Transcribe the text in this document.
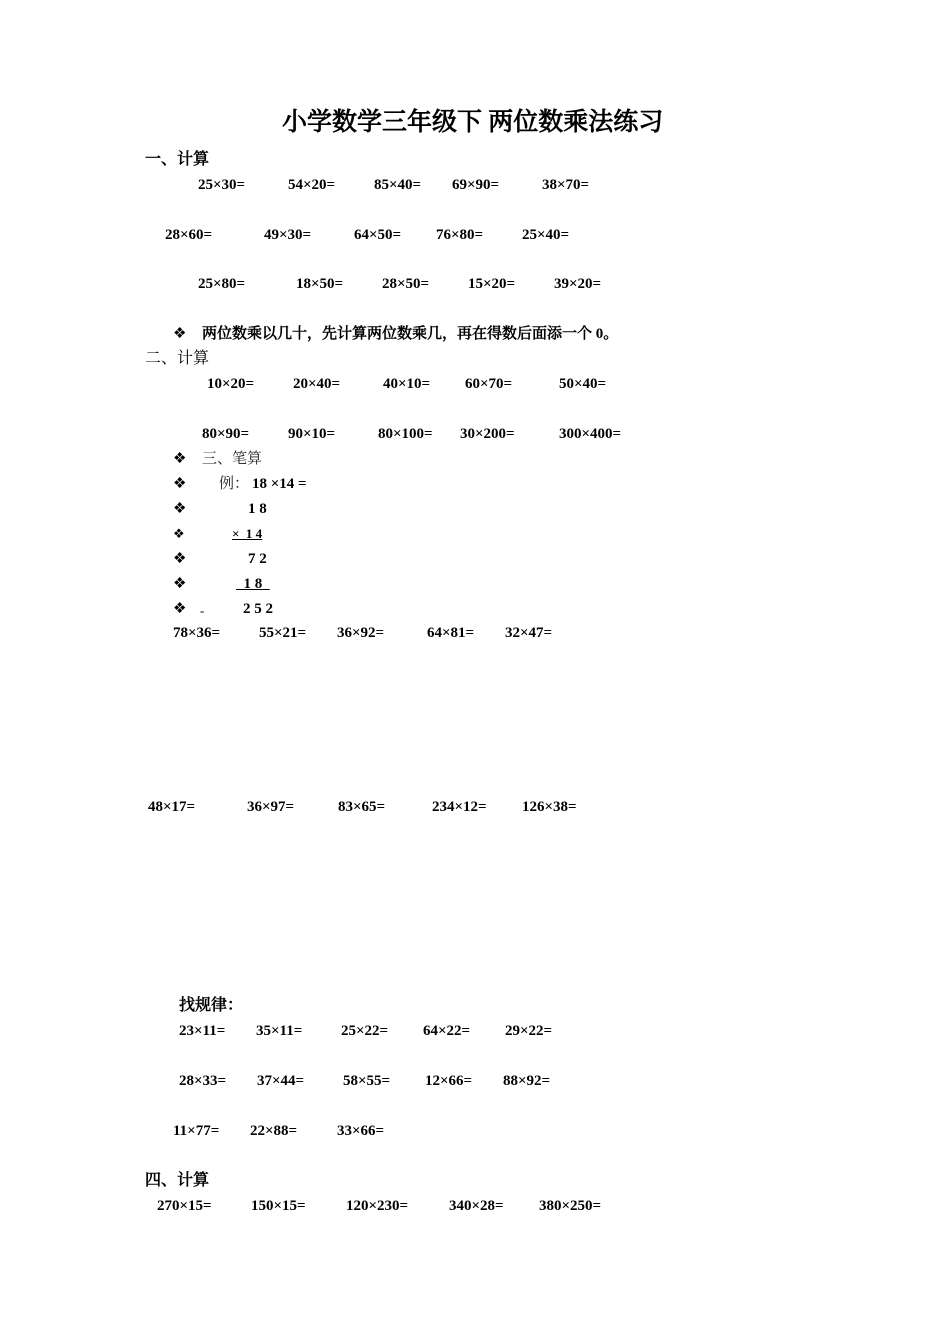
小学数学三年级下 两位数乘法练习
一、计算
25×30=	54×20=	85×40= 69×90=	38×70=
28×60=	49×30=	64×50= 76×80=	25×40=
25×80=	18×50=	28×50=	15×20=	39×20=
❖ 两位数乘以几十，先计算两位数乘几，再在得数后面添一个 0。
二、计算
10×20=	20×40=	40×10= 60×70=	50×40=
80×90=	90×10=	80×100= 30×200=	300×400=
❖ 三、笔算
❖ 例： 18 ×14 =
❖	1 8
❖	×  1 4
❖	7 2
❖	1 8
❖ -	2 5 2
78×36=	55×21= 36×92=	64×81= 32×47=
48×17=	36×97=	83×65=	234×12= 126×38=
找规律：
23×11= 35×11=	25×22= 64×22= 29×22=
28×33= 37×44=	58×55= 12×66= 88×92=
11×77= 22×88=	33×66=
四、计算
270×15=	150×15=	120×230=	340×28= 380×250=
